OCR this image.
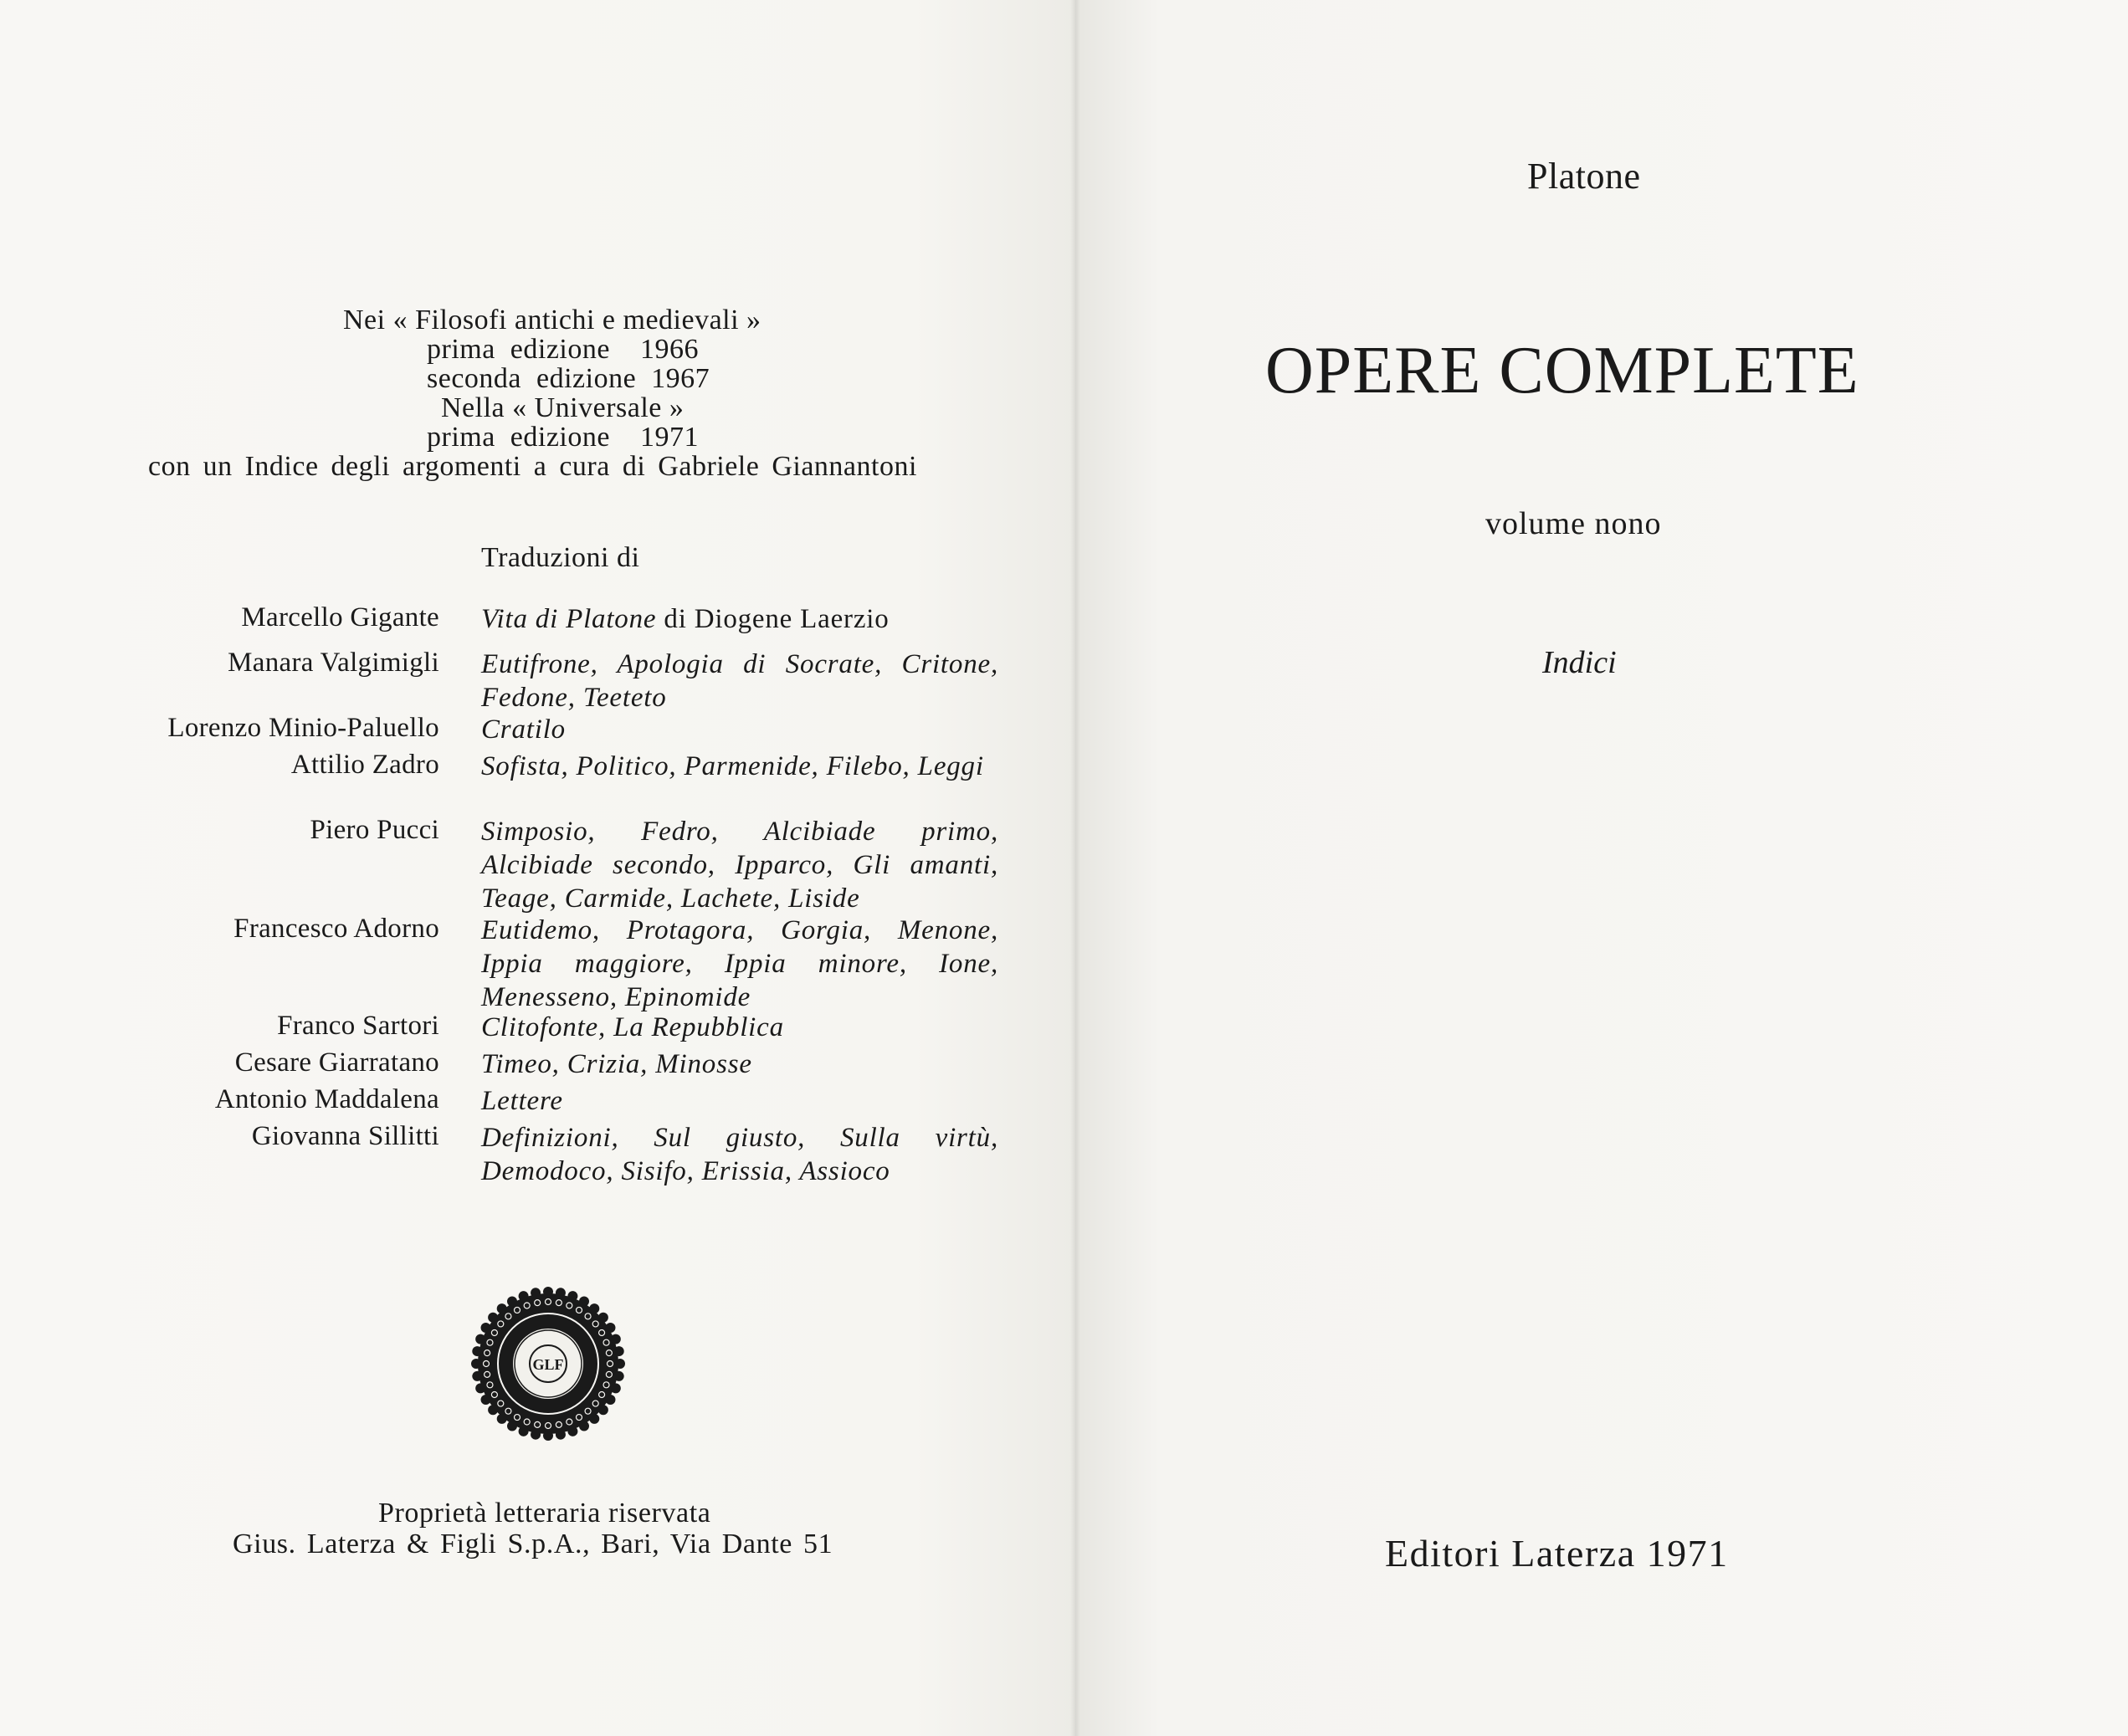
Nei « Filosofi antichi e medievali »
prima  edizione    1966
seconda  edizione  1967
Nella « Universale »
prima  edizione    1971
con un Indice degli argomenti a cura di Gabriele Giannantoni
Traduzioni di
Marcello Gigante Vita di Platone di Diogene Laerzio
Manara Valgimigli Eutifrone, Apologia di Socrate, Critone, Fedone, Teeteto
Lorenzo Minio-Paluello Cratilo
Attilio Zadro Sofista, Politico, Parmenide, Filebo, Leggi
Piero Pucci Simposio, Fedro, Alcibiade primo, Alcibiade secondo, Ipparco, Gli amanti, Teage, Carmide, Lachete, Liside
Francesco Adorno Eutidemo, Protagora, Gorgia, Menone, Ippia maggiore, Ippia minore, Ione, Menesseno, Epinomide
Franco Sartori Clitofonte, La Repubblica
Cesare Giarratano Timeo, Crizia, Minosse
Antonio Maddalena Lettere
Giovanna Sillitti Definizioni, Sul giusto, Sulla virtù, Demodoco, Sisifo, Erissia, Assioco
GLF
Proprietà letteraria riservata
Gius. Laterza & Figli S.p.A., Bari, Via Dante 51
Platone
OPERE COMPLETE
volume nono
Indici
Editori Laterza 1971
